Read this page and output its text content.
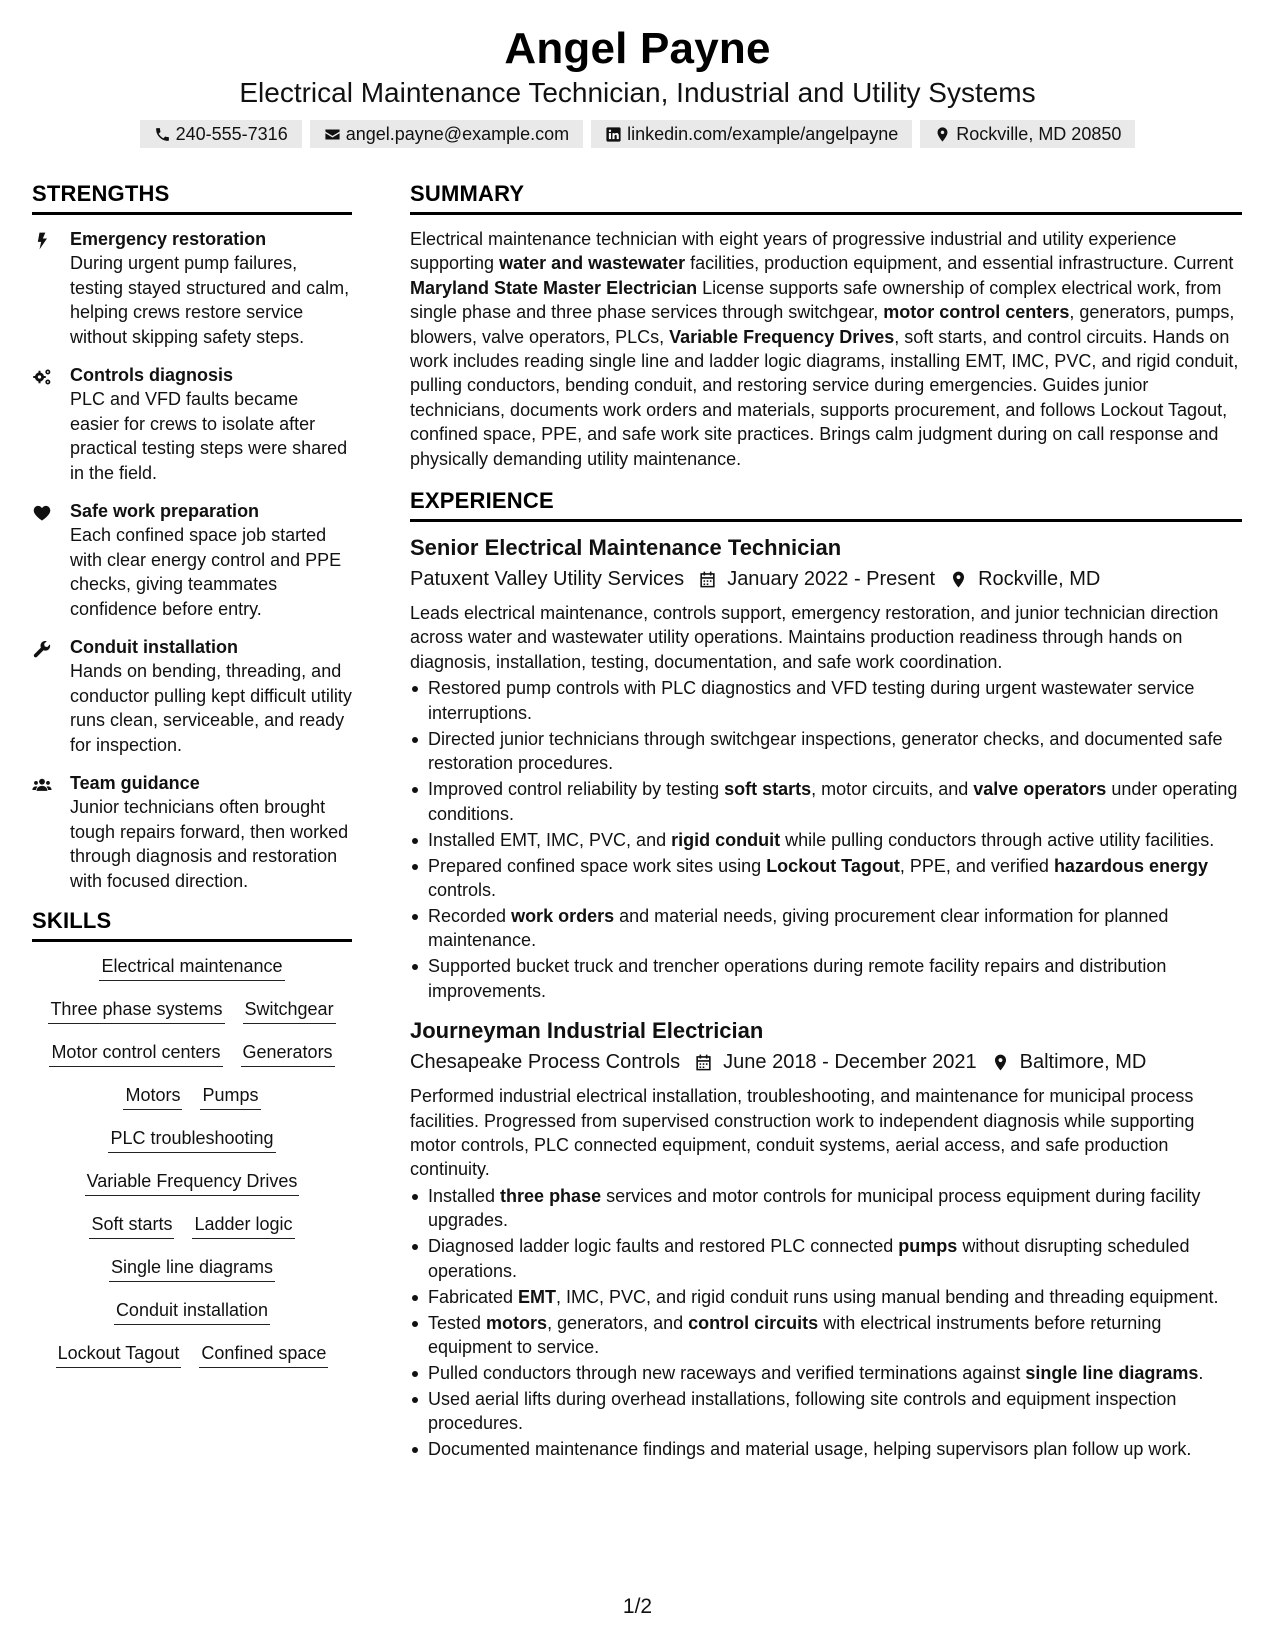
Angel Payne
Electrical Maintenance Technician, Industrial and Utility Systems
240-555-7316	angel.payne@example.com	linkedin.com/example/angelpayne	Rockville, MD 20850
STRENGTHS
Emergency restoration
During urgent pump failures, testing stayed structured and calm, helping crews restore service without skipping safety steps.
Controls diagnosis
PLC and VFD faults became easier for crews to isolate after practical testing steps were shared in the field.
Safe work preparation
Each confined space job started with clear energy control and PPE checks, giving teammates confidence before entry.
Conduit installation
Hands on bending, threading, and conductor pulling kept difficult utility runs clean, serviceable, and ready for inspection.
Team guidance
Junior technicians often brought tough repairs forward, then worked through diagnosis and restoration with focused direction.
SKILLS
Electrical maintenance
Three phase systems Switchgear
Motor control centers Generators
Motors Pumps
PLC troubleshooting
Variable Frequency Drives
Soft starts Ladder logic
Single line diagrams
Conduit installation
Lockout Tagout Confined space
SUMMARY
Electrical maintenance technician with eight years of progressive industrial and utility experience supporting water and wastewater facilities, production equipment, and essential infrastructure. Current Maryland State Master Electrician License supports safe ownership of complex electrical work, from single phase and three phase services through switchgear, motor control centers, generators, pumps, blowers, valve operators, PLCs, Variable Frequency Drives, soft starts, and control circuits. Hands on work includes reading single line and ladder logic diagrams, installing EMT, IMC, PVC, and rigid conduit, pulling conductors, bending conduit, and restoring service during emergencies. Guides junior technicians, documents work orders and materials, supports procurement, and follows Lockout Tagout, confined space, PPE, and safe work site practices. Brings calm judgment during on call response and physically demanding utility maintenance.
EXPERIENCE
Senior Electrical Maintenance Technician
Patuxent Valley Utility Services January 2022 - Present Rockville, MD
Leads electrical maintenance, controls support, emergency restoration, and junior technician direction across water and wastewater utility operations. Maintains production readiness through hands on diagnosis, installation, testing, documentation, and safe work coordination.
Restored pump controls with PLC diagnostics and VFD testing during urgent wastewater service interruptions.
Directed junior technicians through switchgear inspections, generator checks, and documented safe restoration procedures.
Improved control reliability by testing soft starts, motor circuits, and valve operators under operating conditions.
Installed EMT, IMC, PVC, and rigid conduit while pulling conductors through active utility facilities.
Prepared confined space work sites using Lockout Tagout, PPE, and verified hazardous energy controls.
Recorded work orders and material needs, giving procurement clear information for planned maintenance.
Supported bucket truck and trencher operations during remote facility repairs and distribution improvements.
Journeyman Industrial Electrician
Chesapeake Process Controls June 2018 - December 2021 Baltimore, MD
Performed industrial electrical installation, troubleshooting, and maintenance for municipal process facilities. Progressed from supervised construction work to independent diagnosis while supporting motor controls, PLC connected equipment, conduit systems, aerial access, and safe production continuity.
Installed three phase services and motor controls for municipal process equipment during facility upgrades.
Diagnosed ladder logic faults and restored PLC connected pumps without disrupting scheduled operations.
Fabricated EMT, IMC, PVC, and rigid conduit runs using manual bending and threading equipment.
Tested motors, generators, and control circuits with electrical instruments before returning equipment to service.
Pulled conductors through new raceways and verified terminations against single line diagrams.
Used aerial lifts during overhead installations, following site controls and equipment inspection procedures.
Documented maintenance findings and material usage, helping supervisors plan follow up work.
1/2
